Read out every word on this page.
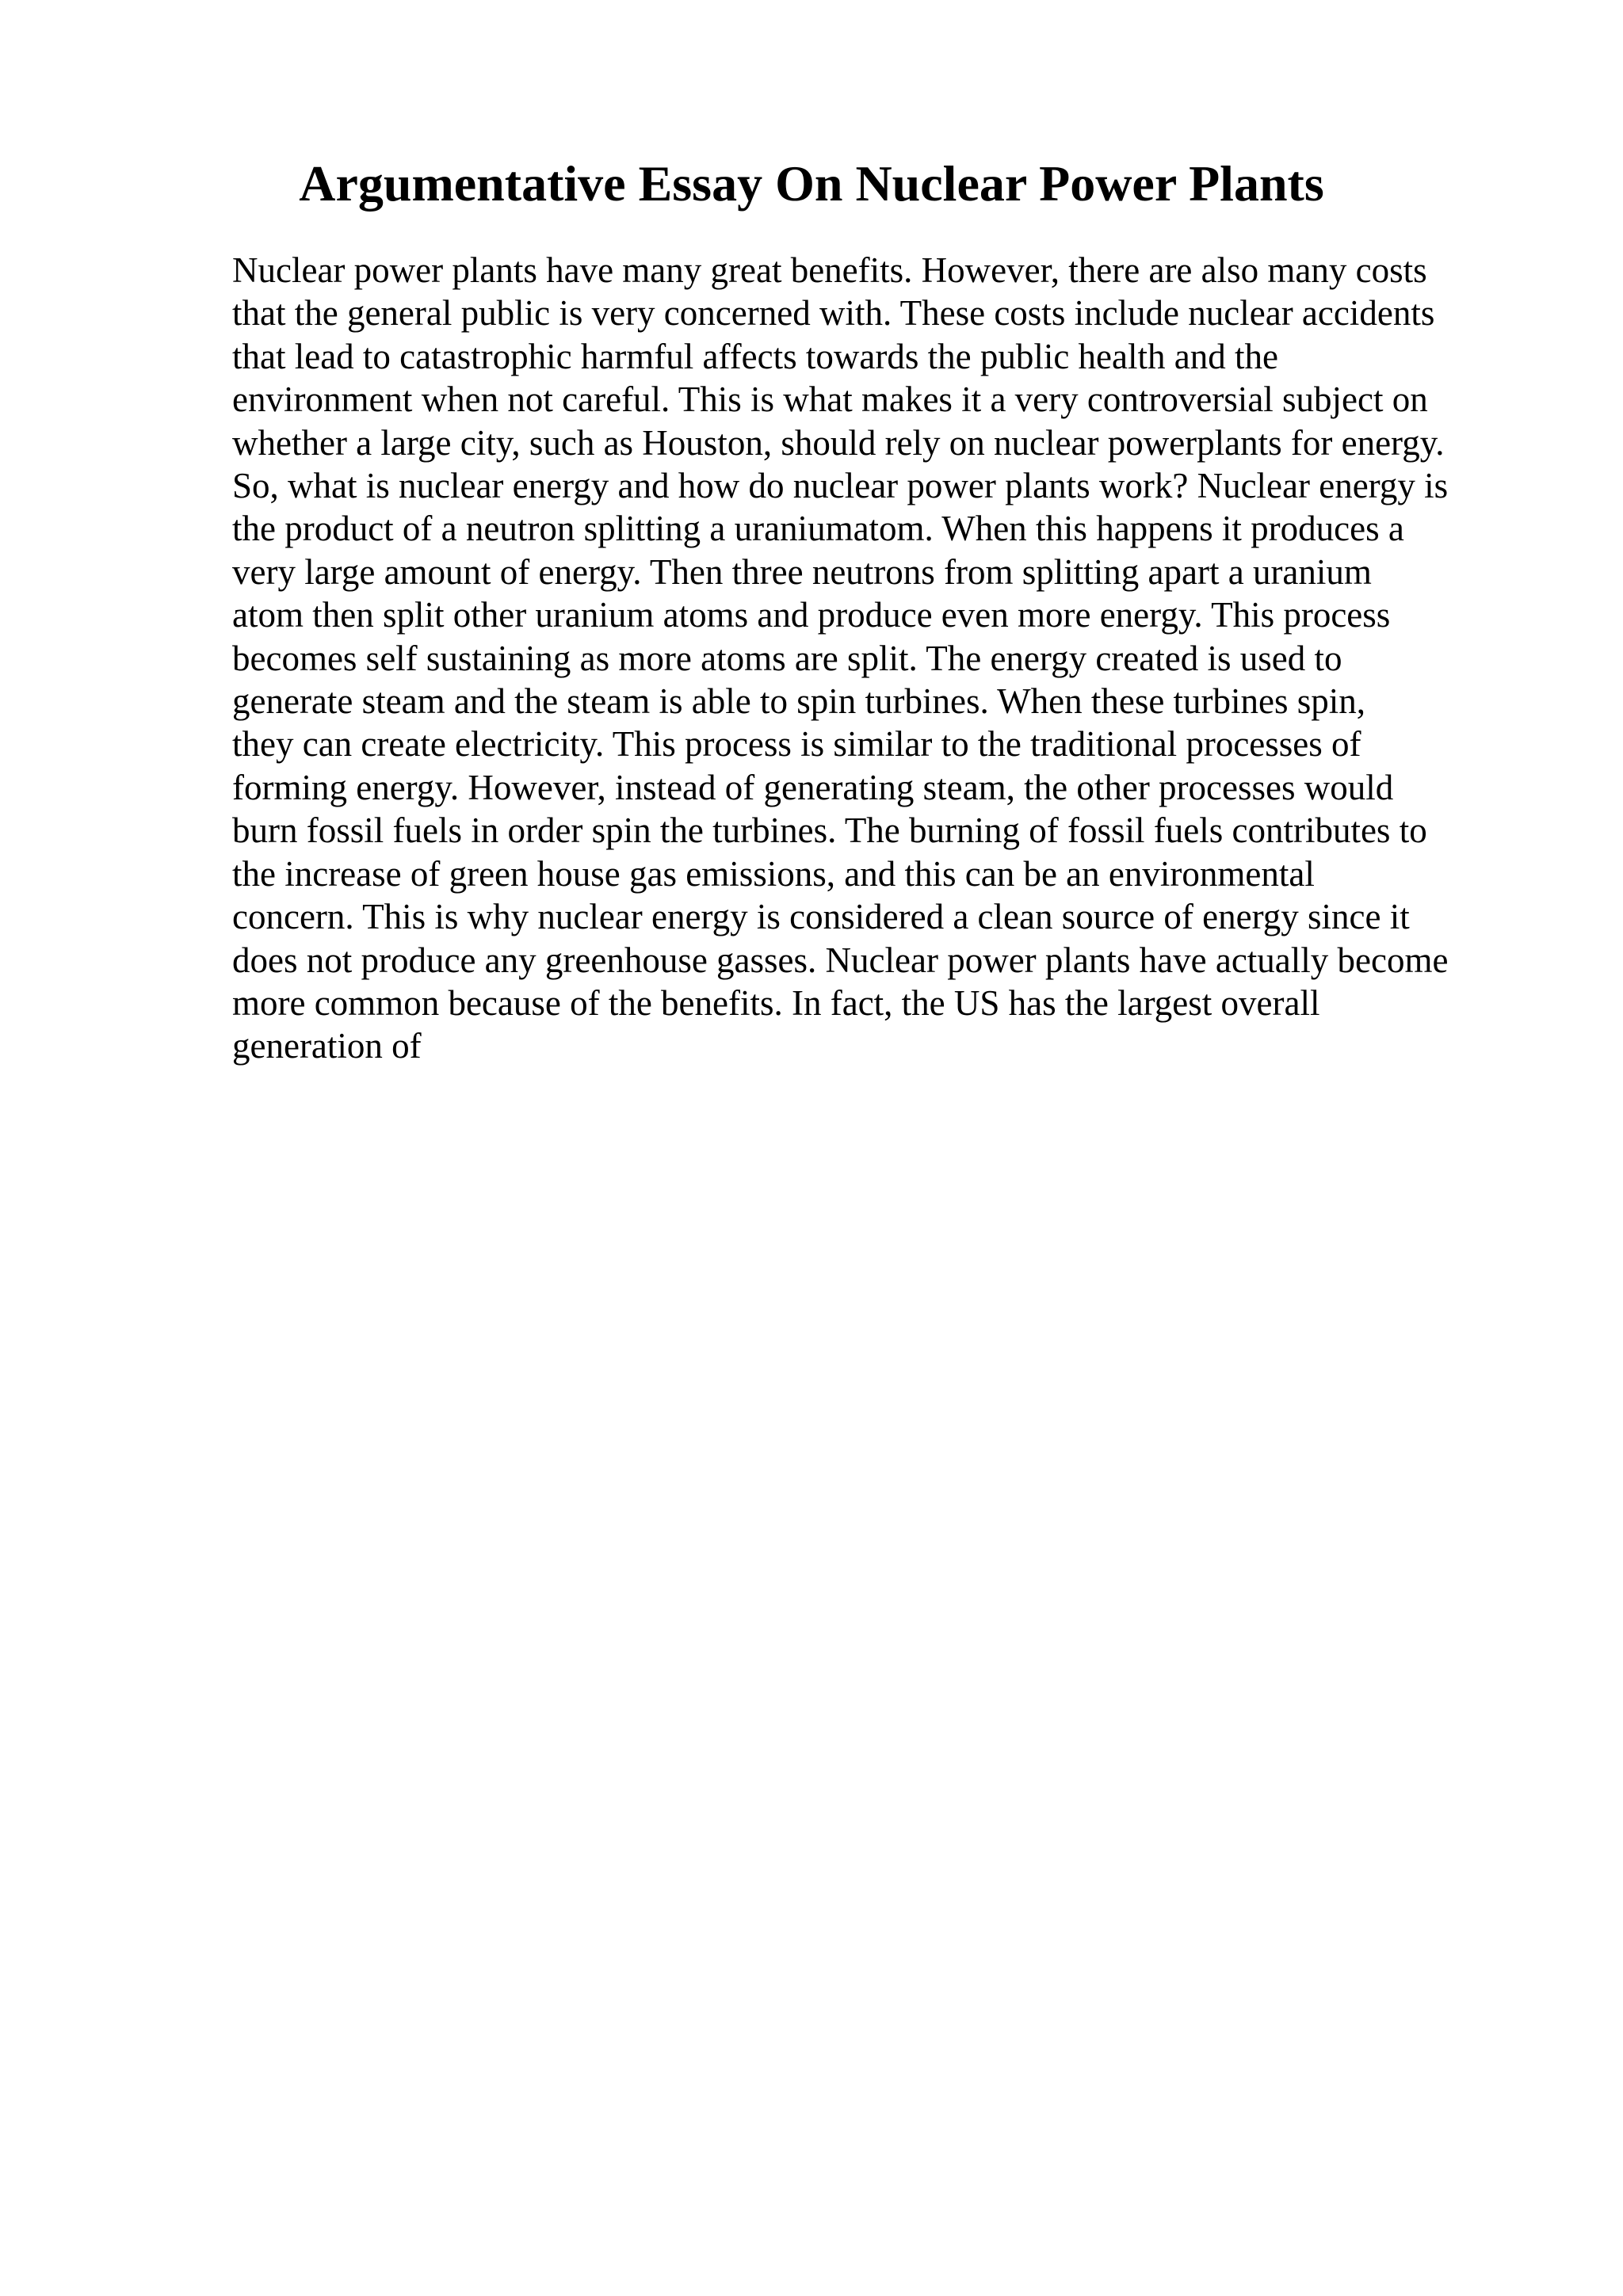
Argumentative Essay On Nuclear Power Plants
Nuclear power plants have many great benefits. However, there are also many costs
that the general public is very concerned with. These costs include nuclear accidents
that lead to catastrophic harmful affects towards the public health and the
environment when not careful. This is what makes it a very controversial subject on
whether a large city, such as Houston, should rely on nuclear powerplants for energy.
So, what is nuclear energy and how do nuclear power plants work? Nuclear energy is
the product of a neutron splitting a uraniumatom. When this happens it produces a
very large amount of energy. Then three neutrons from splitting apart a uranium
atom then split other uranium atoms and produce even more energy. This process
becomes self sustaining as more atoms are split. The energy created is used to
generate steam and the steam is able to spin turbines. When these turbines spin,
they can create electricity. This process is similar to the traditional processes of
forming energy. However, instead of generating steam, the other processes would
burn fossil fuels in order spin the turbines. The burning of fossil fuels contributes to
the increase of green house gas emissions, and this can be an environmental
concern. This is why nuclear energy is considered a clean source of energy since it
does not produce any greenhouse gasses. Nuclear power plants have actually become
more common because of the benefits. In fact, the US has the largest overall
generation of
